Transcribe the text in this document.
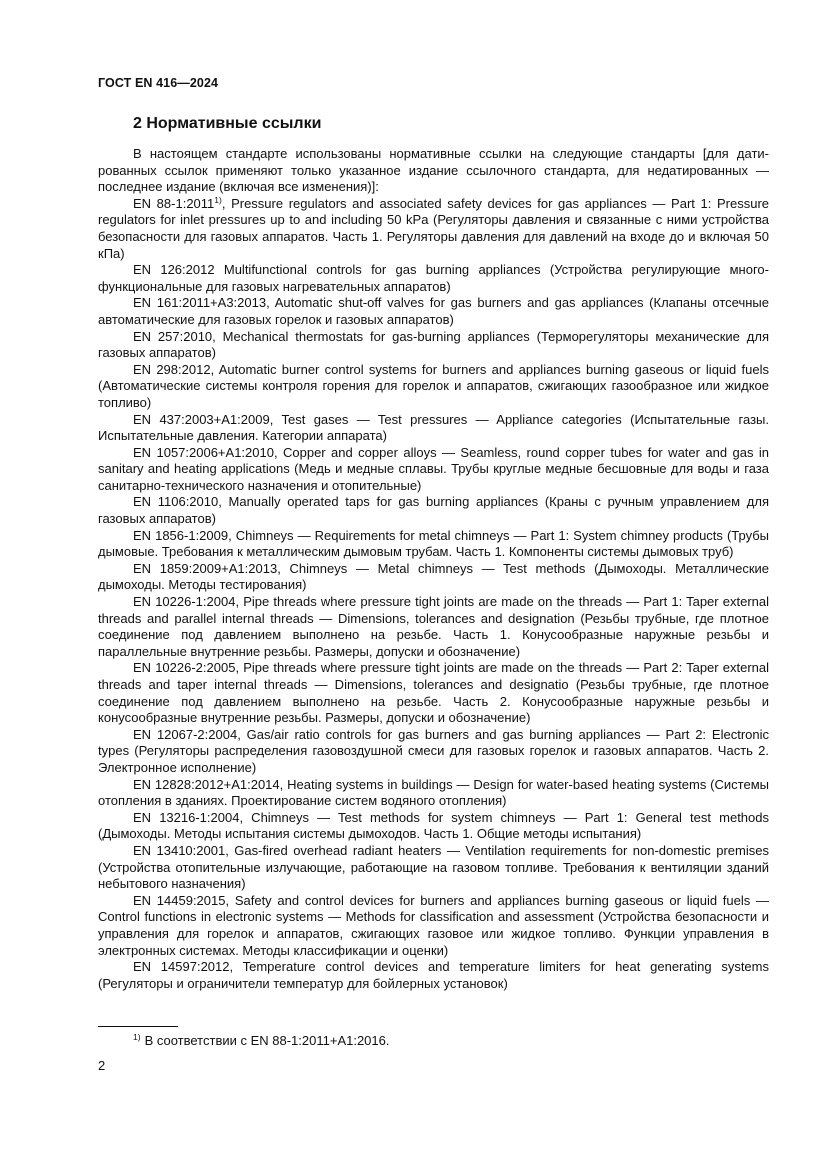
ГОСТ EN 416—2024
2 Нормативные ссылки

В настоящем стандарте использованы нормативные ссылки на следующие стандарты [для датированных ссылок применяют только указанное издание ссылочного стандарта, для недатированных — последнее издание (включая все изменения)]:

EN 88-1:2011$^{1)}$, Pressure regulators and associated safety devices for gas appliances — Part 1: Pressure regulators for inlet pressures up to and including 50 kPa (Регуляторы давления и связанные с ними устройства безопасности для газовых аппаратов. Часть 1. Регуляторы давления для давлений на входе до и включая 50 кПа)

EN 126:2012 Multifunctional controls for gas burning appliances (Устройства регулирующие многофункциональные для газовых нагревательных аппаратов)

EN 161:2011+A3:2013, Automatic shut-off valves for gas burners and gas appliances (Клапаны отсечные автоматические для газовых горелок и газовых аппаратов)

EN 257:2010, Mechanical thermostats for gas-burning appliances (Терморегуляторы механические для газовых аппаратов)

EN 298:2012, Automatic burner control systems for burners and appliances burning gaseous or liquid fuels (Автоматические системы контроля горения для горелок и аппаратов, сжигающих газообразное или жидкое топливо)

EN 437:2003+A1:2009, Test gases — Test pressures — Appliance categories (Испытательные газы. Испытательные давления. Категории аппарата)

EN 1057:2006+A1:2010, Copper and copper alloys — Seamless, round copper tubes for water and gas in sanitary and heating applications (Медь и медные сплавы. Трубы круглые медные бесшовные для воды и газа санитарно-технического назначения и отопительные)

EN 1106:2010, Manually operated taps for gas burning appliances (Краны с ручным управлением для газовых аппаратов)

EN 1856-1:2009, Chimneys — Requirements for metal chimneys — Part 1: System chimney products (Трубы дымовые. Требования к металлическим дымовым трубам. Часть 1. Компоненты системы дымовых труб)

EN 1859:2009+A1:2013, Chimneys — Metal chimneys — Test methods (Дымоходы. Металлические дымоходы. Методы тестирования)

EN 10226-1:2004, Pipe threads where pressure tight joints are made on the threads — Part 1: Taper external threads and parallel internal threads — Dimensions, tolerances and designation (Резьбы трубные, где плотное соединение под давлением выполнено на резьбе. Часть 1. Конусообразные наружные резьбы и параллельные внутренние резьбы. Размеры, допуски и обозначение)

EN 10226-2:2005, Pipe threads where pressure tight joints are made on the threads — Part 2: Taper external threads and taper internal threads — Dimensions, tolerances and designatio (Резьбы трубные, где плотное соединение под давлением выполнено на резьбе. Часть 2. Конусообразные наружные резьбы и конусообразные внутренние резьбы. Размеры, допуски и обозначение)

EN 12067-2:2004, Gas/air ratio controls for gas burners and gas burning appliances — Part 2: Electronic types (Регуляторы распределения газовоздушной смеси для газовых горелок и газовых аппаратов. Часть 2. Электронное исполнение)

EN 12828:2012+A1:2014, Heating systems in buildings — Design for water-based heating systems (Системы отопления в зданиях. Проектирование систем водяного отопления)

EN 13216-1:2004, Chimneys — Test methods for system chimneys — Part 1: General test methods (Дымоходы. Методы испытания системы дымоходов. Часть 1. Общие методы испытания)

EN 13410:2001, Gas-fired overhead radiant heaters — Ventilation requirements for non-domestic premises (Устройства отопительные излучающие, работающие на газовом топливе. Требования к вентиляции зданий небытового назначения)

EN 14459:2015, Safety and control devices for burners and appliances burning gaseous or liquid fuels — Control functions in electronic systems — Methods for classification and assessment (Устройства безопасности и управления для горелок и аппаратов, сжигающих газовое или жидкое топливо. Функции управления в электронных системах. Методы классификации и оценки)

EN 14597:2012, Temperature control devices and temperature limiters for heat generating systems (Регуляторы и ограничители температур для бойлерных установок)

$^{1)}$ В соответствии с EN 88-1:2011+A1:2016.
2
